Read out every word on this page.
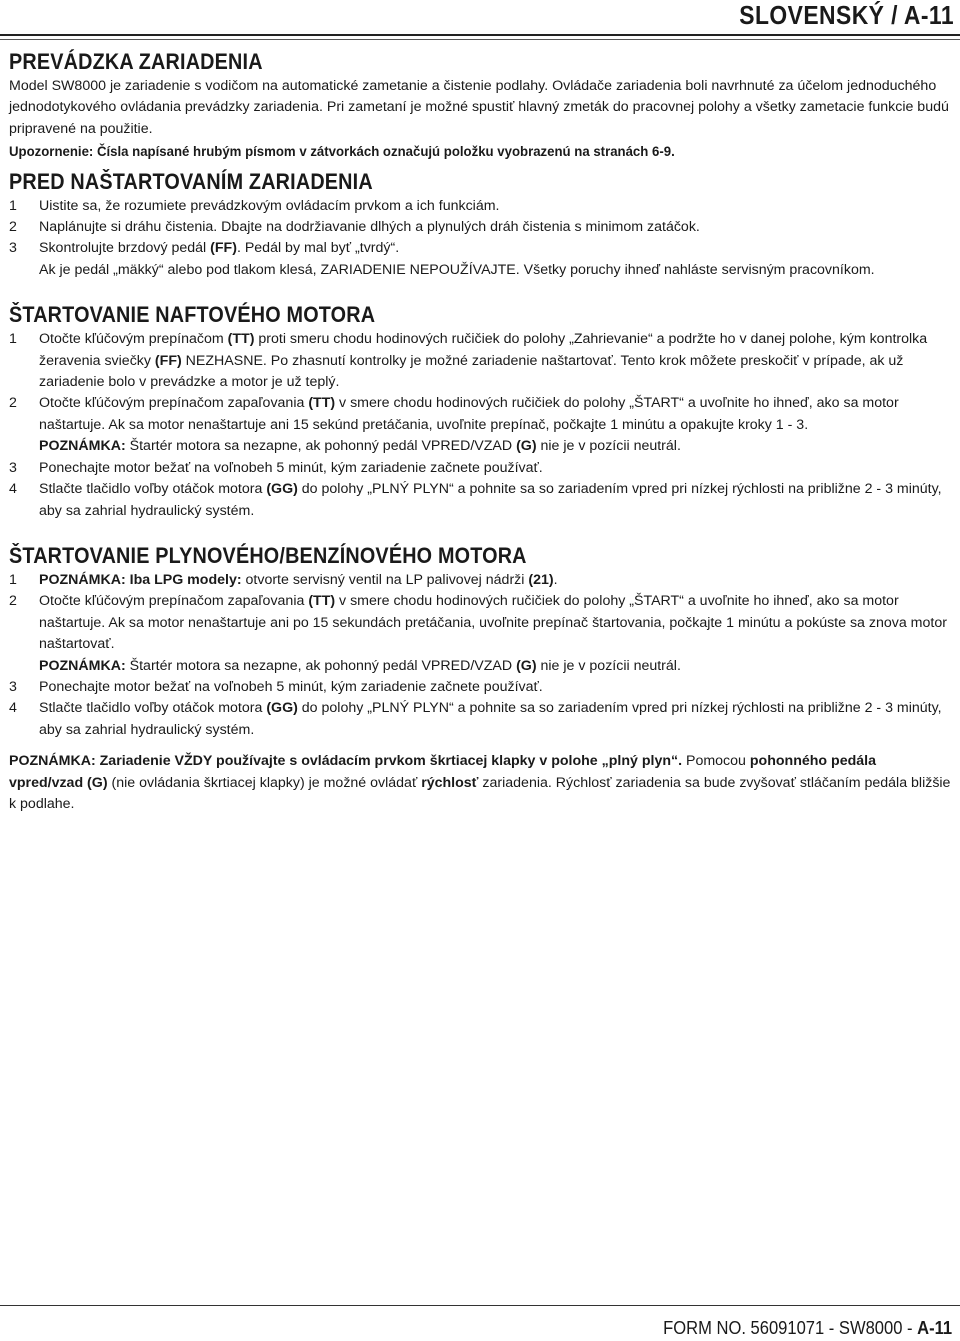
SLOVENSKÝ / A-11
PREVÁDZKA ZARIADENIA

Model SW8000 je zariadenie s vodičom na automatické zametanie a čistenie podlahy. Ovládače zariadenia boli navrhnuté za účelom jednoduchého jednodotykového ovládania prevádzky zariadenia. Pri zametaní je možné spustiť hlavný zmeták do pracovnej polohy a všetky zametacie funkcie budú pripravené na použitie.

Upozornenie: Čísla napísané hrubým písmom v zátvorkách označujú položku vyobrazenú na stranách 6-9.
PRED NAŠTARTOVANÍM ZARIADENIA
1	Uistite sa, že rozumiete prevádzkovým ovládacím prvkom a ich funkciám.
2	Naplánujte si dráhu čistenia. Dbajte na dodržiavanie dlhých a plynulých dráh čistenia s minimom zatáčok.
3	Skontrolujte brzdový pedál (FF). Pedál by mal byť „tvrdý“.
Ak je pedál „mäkký“ alebo pod tlakom klesá, ZARIADENIE NEPOUŽÍVAJTE. Všetky poruchy ihneď nahláste servisným pracovníkom.
ŠTARTOVANIE NAFTOVÉHO MOTORA
1	Otočte kľúčovým prepínačom (TT) proti smeru chodu hodinových ručičiek do polohy „Zahrievanie“ a podržte ho v danej polohe, kým kontrolka žeravenia sviečky (FF) NEZHASNE. Po zhasnutí kontrolky je možné zariadenie naštartovať. Tento krok môžete preskočiť v prípade, ak už zariadenie bolo v prevádzke a motor je už teplý.
2	Otočte kľúčovým prepínačom zapaľovania (TT) v smere chodu hodinových ručičiek do polohy „ŠTART“ a uvoľnite ho ihneď, ako sa motor naštartuje. Ak sa motor nenaštartuje ani 15 sekúnd pretáčania, uvoľnite prepínač, počkajte 1 minútu a opakujte kroky 1 - 3.
POZNÁMKA: Štartér motora sa nezapne, ak pohonný pedál VPRED/VZAD (G) nie je v pozícii neutrál.
3	Ponechajte motor bežať na voľnobeh 5 minút, kým zariadenie začnete používať.
4	Stlačte tlačidlo voľby otáčok motora (GG) do polohy „PLNÝ PLYN“ a pohnite sa so zariadením vpred pri nízkej rýchlosti na približne 2 - 3 minúty, aby sa zahrial hydraulický systém.
ŠTARTOVANIE PLYNOVÉHO/BENZÍNOVÉHO MOTORA
1	POZNÁMKA: Iba LPG modely: otvorte servisný ventil na LP palivovej nádrži (21).
2	Otočte kľúčovým prepínačom zapaľovania (TT) v smere chodu hodinových ručičiek do polohy „ŠTART“ a uvoľnite ho ihneď, ako sa motor naštartuje. Ak sa motor nenaštartuje ani po 15 sekundách pretáčania, uvoľnite prepínač štartovania, počkajte 1 minútu a pokúste sa znova motor naštartovať.
POZNÁMKA: Štartér motora sa nezapne, ak pohonný pedál VPRED/VZAD (G) nie je v pozícii neutrál.
3	Ponechajte motor bežať na voľnobeh 5 minút, kým zariadenie začnete používať.
4	Stlačte tlačidlo voľby otáčok motora (GG) do polohy „PLNÝ PLYN“ a pohnite sa so zariadením vpred pri nízkej rýchlosti na približne 2 - 3 minúty, aby sa zahrial hydraulický systém.

POZNÁMKA: Zariadenie VŽDY používajte s ovládacím prvkom škrtiacej klapky v polohe „plný plyn“. Pomocou pohonného pedála vpred/vzad (G) (nie ovládania škrtiacej klapky) je možné ovládať rýchlosť zariadenia. Rýchlosť zariadenia sa bude zvyšovať stláčaním pedála bližšie k podlahe.

FORM NO. 56091071 - SW8000 - A-11
